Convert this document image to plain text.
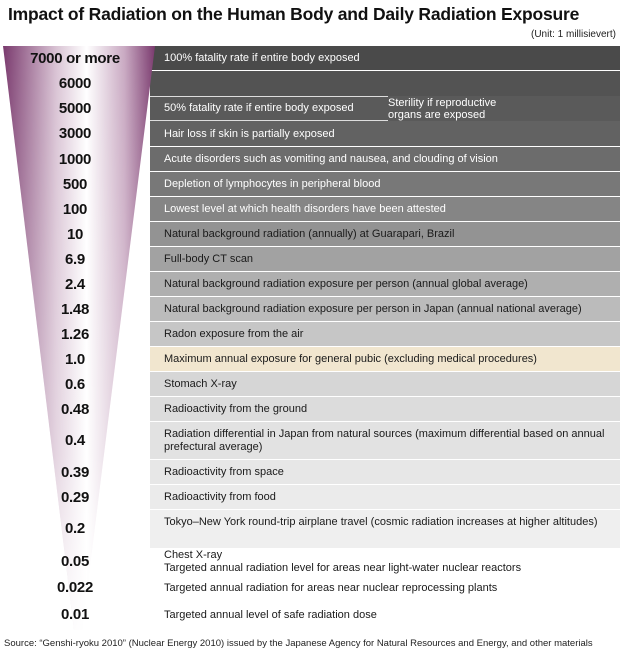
Impact of Radiation on the Human Body and Daily Radiation Exposure
(Unit: 1 millisievert)
100% fatality rate if entire body exposed
50% fatality rate if entire body exposed
Hair loss if skin is partially exposed
Acute disorders such as vomiting and nausea, and clouding of vision
Depletion of lymphocytes in peripheral blood
Lowest level at which health disorders have been attested
Natural background radiation (annually) at Guarapari, Brazil
Full-body CT scan
Natural background radiation exposure per person (annual global average)
Natural background radiation exposure per person in Japan (annual national average)
Radon exposure from the air
Maximum annual exposure for general pubic (excluding medical procedures)
Stomach X-ray
Radioactivity from the ground
Radiation differential in Japan from natural sources (maximum differential based on annual prefectural average)
Radioactivity from space
Radioactivity from food
Tokyo–New York round-trip airplane travel (cosmic radiation increases at higher altitudes)
Chest X-ray
Targeted annual radiation level for areas near light-water nuclear reactors
Targeted annual radiation for areas near nuclear reprocessing plants
Targeted annual level of safe radiation dose
7000 or more
6000
5000
3000
1000
500
100
10
6.9
2.4
1.48
1.26
1.0
0.6
0.48
0.4
0.39
0.29
0.2
0.05
0.022
0.01
Sterility if reproductive organs are exposed
Source: “Genshi-ryoku 2010” (Nuclear Energy 2010) issued by the Japanese Agency for Natural Resources and Energy, and other materials
